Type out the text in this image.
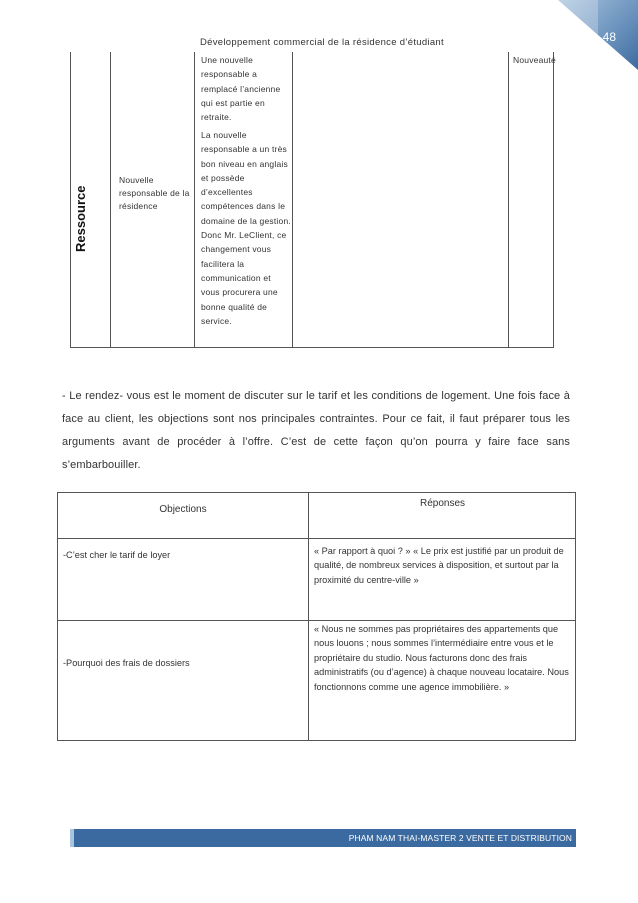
48
Développement commercial de la résidence d’étudiant
Ressource
Nouvelle responsable de la résidence
Une nouvelle responsable a remplacé l’ancienne qui est partie en retraite.
La nouvelle responsable a un très bon niveau en anglais et possède d’excellentes compétences dans le domaine de la gestion. Donc Mr. LeClient, ce changement vous facilitera la communication et vous procurera une bonne qualité de service.
Nouveauté
- Le rendez- vous est le moment de discuter sur le tarif et les conditions de logement. Une fois face à face au client, les objections sont nos principales contraintes. Pour ce fait, il faut préparer tous les arguments avant de procéder à l’offre. C’est de cette façon qu’on pourra y faire face sans s’embarbouiller.
Objections
Réponses
-C’est cher le tarif de loyer	« Par rapport à quoi ? » « Le prix est justifié par un produit de qualité, de nombreux services à disposition, et surtout par la proximité du centre-ville »
-Pourquoi des frais de dossiers
« Nous ne sommes pas propriétaires des appartements que nous louons ; nous sommes l’intermédiaire entre vous et le propriétaire du studio. Nous facturons donc des frais administratifs (ou d’agence) à chaque nouveau locataire. Nous fonctionnons comme une agence immobilière. »
PHAM NAM THAI-MASTER 2 VENTE ET DISTRIBUTION
